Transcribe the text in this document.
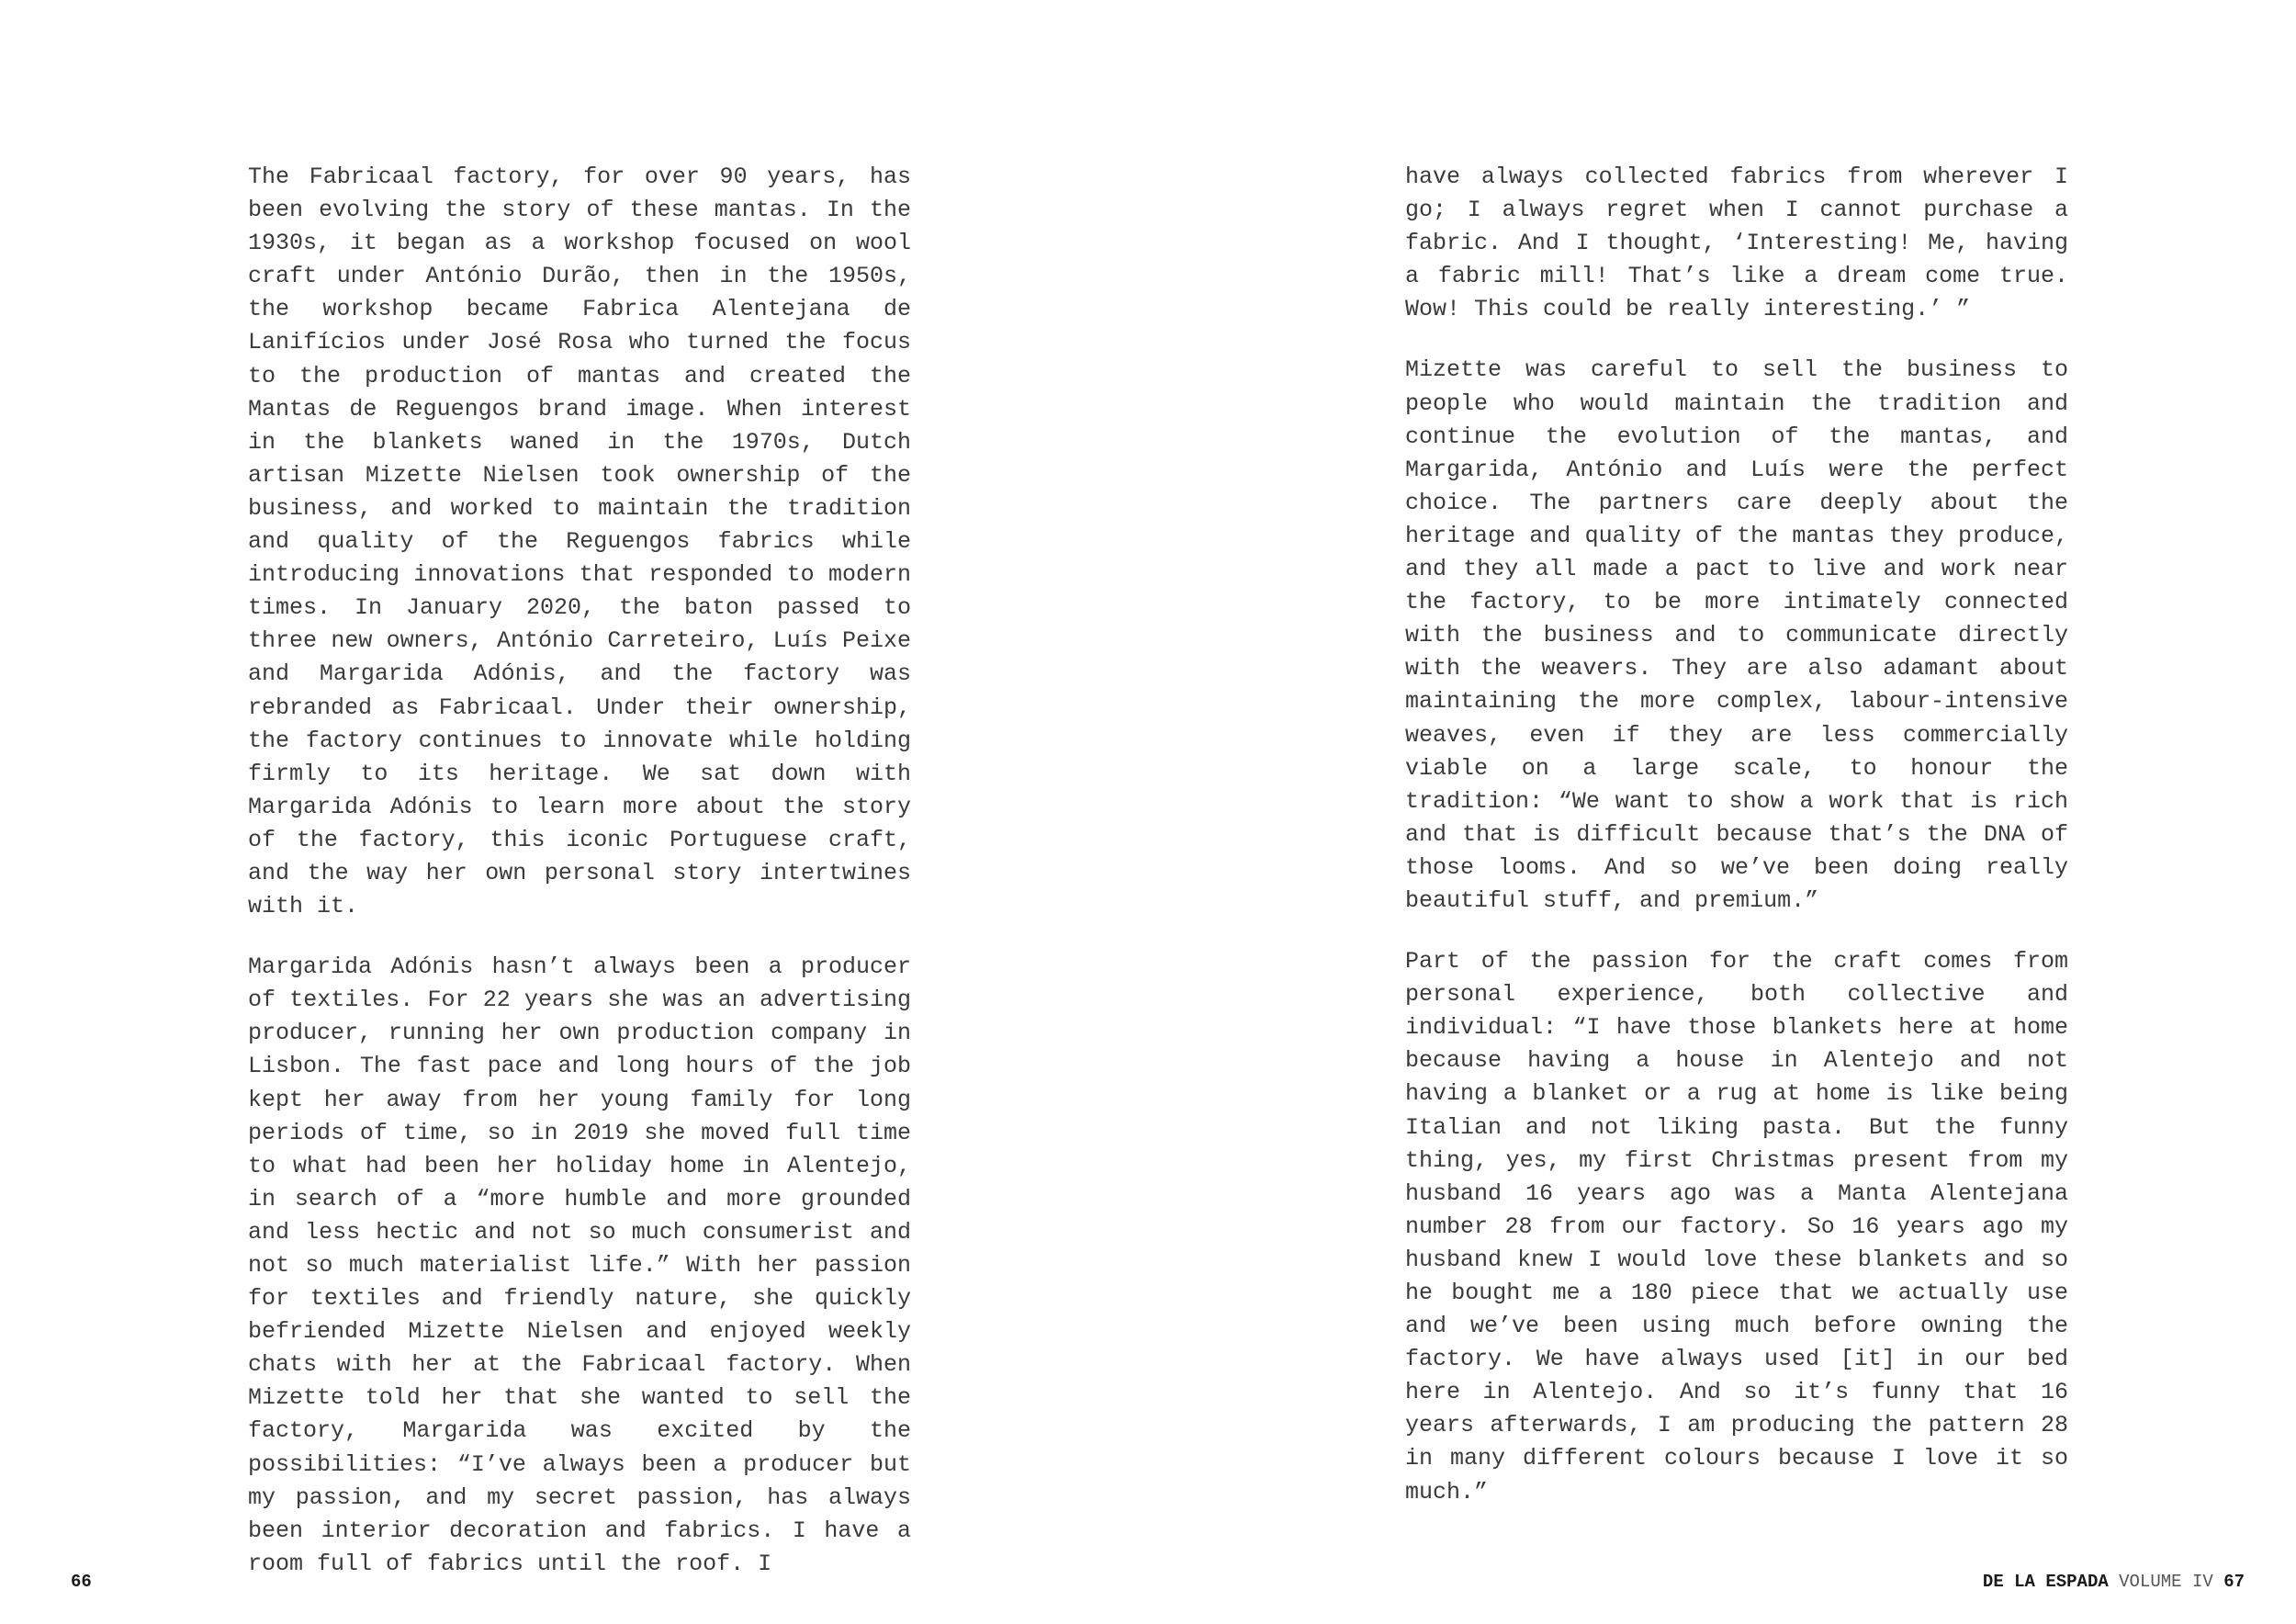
The Fabricaal factory, for over 90 years, has been evolving the story of these mantas. In the 1930s, it began as a workshop focused on wool craft under António Durão, then in the 1950s, the workshop became Fabrica Alentejana de Lanifícios under José Rosa who turned the focus to the production of mantas and created the Mantas de Reguengos brand image. When interest in the blankets waned in the 1970s, Dutch artisan Mizette Nielsen took ownership of the business, and worked to maintain the tradition and quality of the Reguengos fabrics while introducing innovations that responded to modern times. In January 2020, the baton passed to three new owners, António Carreteiro, Luís Peixe and Margarida Adónis, and the factory was rebranded as Fabricaal. Under their ownership, the factory continues to innovate while holding firmly to its heritage. We sat down with Margarida Adónis to learn more about the story of the factory, this iconic Portuguese craft, and the way her own personal story intertwines with it.

Margarida Adónis hasn’t always been a producer of textiles. For 22 years she was an advertising producer, running her own production company in Lisbon. The fast pace and long hours of the job kept her away from her young family for long periods of time, so in 2019 she moved full time to what had been her holiday home in Alentejo, in search of a “more humble and more grounded and less hectic and not so much consumerist and not so much materialist life.” With her passion for textiles and friendly nature, she quickly befriended Mizette Nielsen and enjoyed weekly chats with her at the Fabricaal factory. When Mizette told her that she wanted to sell the factory, Margarida was excited by the possibilities: “I’ve always been a producer but my passion, and my secret passion, has always been interior decoration and fabrics. I have a room full of fabrics until the roof. I

have always collected fabrics from wherever I go; I always regret when I cannot purchase a fabric. And I thought, ‘Interesting! Me, having a fabric mill! That’s like a dream come true. Wow! This could be really interesting.’ ”

Mizette was careful to sell the business to people who would maintain the tradition and continue the evolution of the mantas, and Margarida, António and Luís were the perfect choice. The partners care deeply about the heritage and quality of the mantas they produce, and they all made a pact to live and work near the factory, to be more intimately connected with the business and to communicate directly with the weavers. They are also adamant about maintaining the more complex, labour-intensive weaves, even if they are less commercially viable on a large scale, to honour the tradition: “We want to show a work that is rich and that is difficult because that’s the DNA of those looms. And so we’ve been doing really beautiful stuff, and premium.”

Part of the passion for the craft comes from personal experience, both collective and individual: “I have those blankets here at home because having a house in Alentejo and not having a blanket or a rug at home is like being Italian and not liking pasta. But the funny thing, yes, my first Christmas present from my husband 16 years ago was a Manta Alentejana number 28 from our factory. So 16 years ago my husband knew I would love these blankets and so he bought me a 180 piece that we actually use and we’ve been using much before owning the factory. We have always used [it] in our bed here in Alentejo. And so it’s funny that 16 years afterwards, I am producing the pattern 28 in many different colours because I love it so much.”

66	DE LA ESPADA VOLUME IV 67
